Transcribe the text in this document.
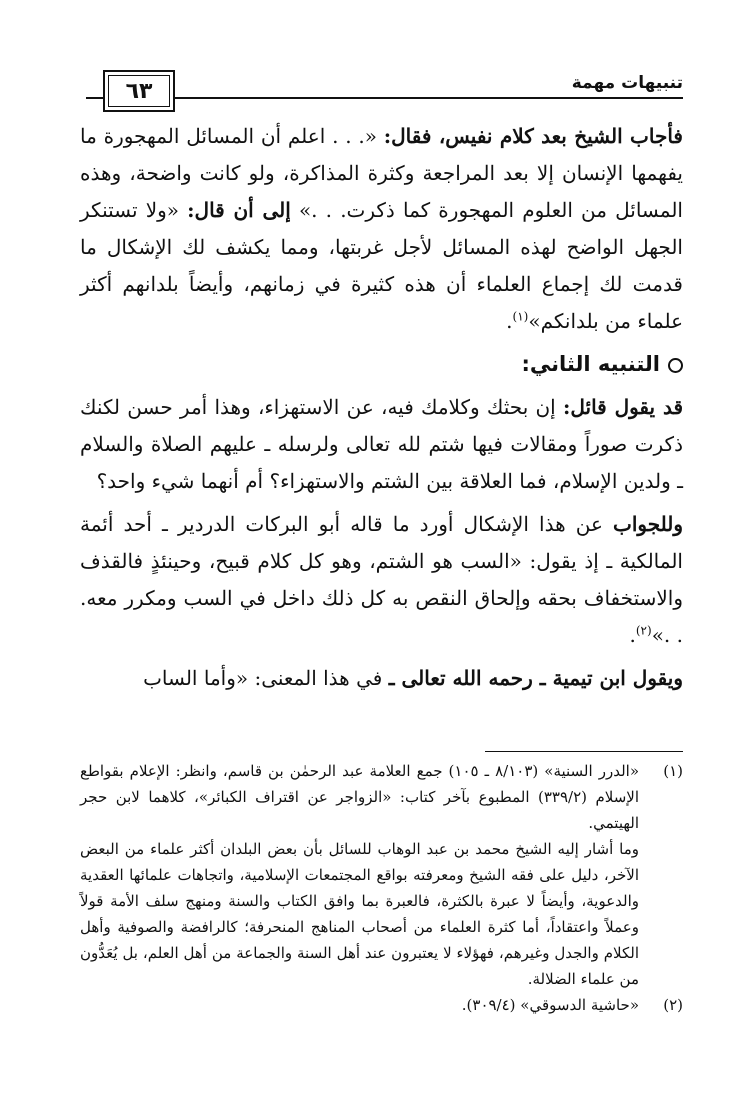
تنبيهات مهمة
٦٣

فأجاب الشيخ بعد كلام نفيس، فقال: «. . . اعلم أن المسائل المهجورة ما يفهمها الإنسان إلا بعد المراجعة وكثرة المذاكرة، ولو كانت واضحة، وهذه المسائل من العلوم المهجورة كما ذكرت. . .» إلى أن قال: «ولا تستنكر الجهل الواضح لهذه المسائل لأجل غربتها، ومما يكشف لك الإشكال ما قدمت لك إجماع العلماء أن هذه كثيرة في زمانهم، وأيضاً بلدانهم أكثر علماء من بلدانكم»$^{(١)}$.

التنبيه الثاني:

قد يقول قائل: إن بحثك وكلامك فيه، عن الاستهزاء، وهذا أمر حسن لكنك ذكرت صوراً ومقالات فيها شتم لله تعالى ولرسله ـ عليهم الصلاة والسلام ـ ولدين الإسلام، فما العلاقة بين الشتم والاستهزاء؟ أم أنهما شيء واحد؟

وللجواب عن هذا الإشكال أورد ما قاله أبو البركات الدردير ـ أحد أئمة المالكية ـ إذ يقول: «السب هو الشتم، وهو كل كلام قبيح، وحينئذٍ فالقذف والاستخفاف بحقه وإلحاق النقص به كل ذلك داخل في السب ومكرر معه. . .»$^{(٢)}$.

ويقول ابن تيمية ـ رحمه الله تعالى ـ في هذا المعنى: «وأما الساب

(١)

«الدرر السنية» (٨/١٠٣ ـ ١٠٥) جمع العلامة عبد الرحمٰن بن قاسم، وانظر: الإعلام بقواطع الإسلام (٣٣٩/٢) المطبوع بآخر كتاب: «الزواجر عن اقتراف الكبائر»، كلاهما لابن حجر الهيتمي.

وما أشار إليه الشيخ محمد بن عبد الوهاب للسائل بأن بعض البلدان أكثر علماء من البعض الآخر، دليل على فقه الشيخ ومعرفته بواقع المجتمعات الإسلامية، واتجاهات علمائها العقدية والدعوية، وأيضاً لا عبرة بالكثرة، فالعبرة بما وافق الكتاب والسنة ومنهج سلف الأمة قولاً وعملاً واعتقاداً، أما كثرة العلماء من أصحاب المناهج المنحرفة؛ كالرافضة والصوفية وأهل الكلام والجدل وغيرهم، فهؤلاء لا يعتبرون عند أهل السنة والجماعة من أهل العلم، بل يُعَدُّون من علماء الضلالة.

(٢)

«حاشية الدسوقي» (٣٠٩/٤).
